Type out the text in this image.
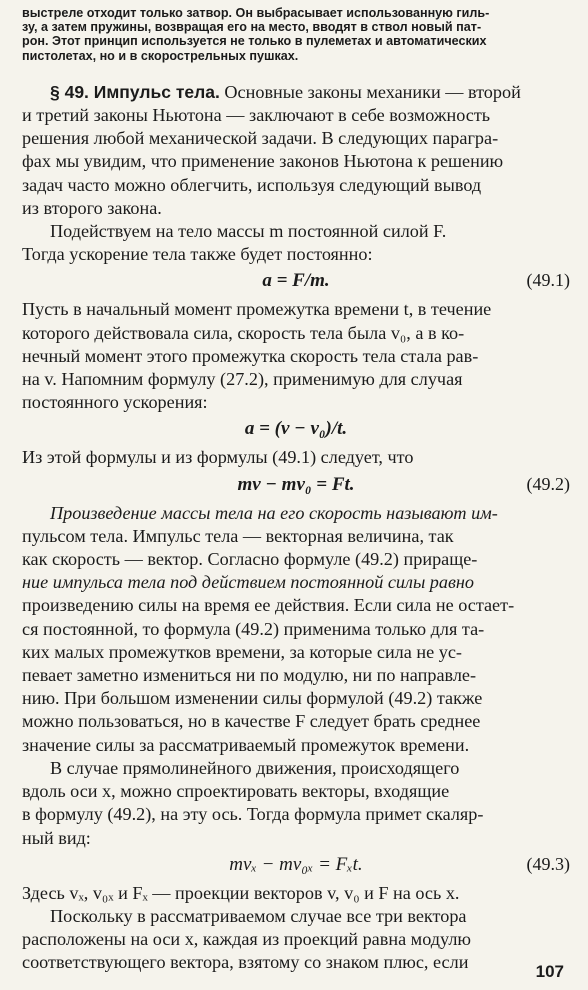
выстреле отходит только затвор. Он выбрасывает использованную гиль-
зу, а затем пружины, возвращая его на место, вводят в ствол новый пат-
рон. Этот принцип используется не только в пулеметах и автоматических
пистолетах, но и в скорострельных пушках.
§ 49. Импульс тела. Основные законы механики — второй
и третий законы Ньютона — заключают в себе возможность
решения любой механической задачи. В следующих парагра-
фах мы увидим, что применение законов Ньютона к решению
задач часто можно облегчить, используя следующий вывод
из второго закона.
Подействуем на тело массы m постоянной силой F.
Тогда ускорение тела также будет постоянно:
a = F/m.	(49.1)
Пусть в начальный момент промежутка времени t, в течение
которого действовала сила, скорость тела была v₀, а в ко-
нечный момент этого промежутка скорость тела стала рав-
на v. Напомним формулу (27.2), применимую для случая
постоянного ускорения:
a = (v − v₀)/t.
Из этой формулы и из формулы (49.1) следует, что
mv − mv₀ = Ft.	(49.2)
Произведение массы тела на его скорость называют им-
пульсом тела. Импульс тела — векторная величина, так
как скорость — вектор. Согласно формуле (49.2) прираще-
ние импульса тела под действием постоянной силы равно
произведению силы на время ее действия. Если сила не остает-
ся постоянной, то формула (49.2) применима только для та-
ких малых промежутков времени, за которые сила не ус-
певает заметно измениться ни по модулю, ни по направле-
нию. При большом изменении силы формулой (49.2) также
можно пользоваться, но в качестве F следует брать среднее
значение силы за рассматриваемый промежуток времени.
В случае прямолинейного движения, происходящего
вдоль оси x, можно спроектировать векторы, входящие
в формулу (49.2), на эту ось. Тогда формула примет скаляр-
ный вид:
mvₓ − mv₀ₓ = Fₓt.	(49.3)
Здесь vₓ, v₀ₓ и Fₓ — проекции векторов v, v₀ и F на ось x.
Поскольку в рассматриваемом случае все три вектора
расположены на оси x, каждая из проекций равна модулю
соответствующего вектора, взятому со знаком плюс, если	107
